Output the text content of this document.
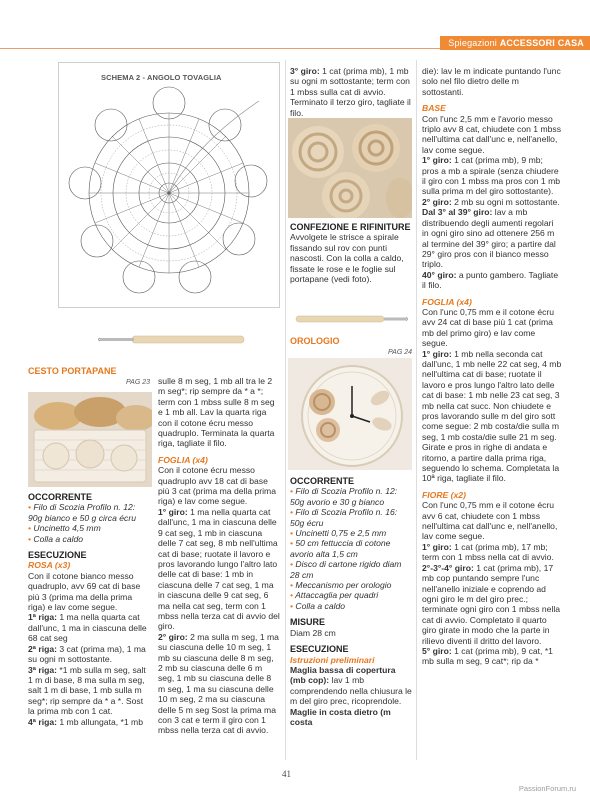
Spiegazioni ACCESSORI CASA
SCHEMA 2 - ANGOLO TOVAGLIA
CESTO PORTAPANE
PAG 23

OCCORRENTE

• Filo di Scozia Profilo n. 12: 90g bianco e 50 g circa écru

• Uncinetto 4,5 mm

• Colla a caldo

ESECUZIONE

ROSA (x3)

Con il cotone bianco messo quadruplo, avv 69 cat di base più 3 (prima ma della prima riga) e lav come segue.

1ª riga: 1 ma nella quarta cat dall'unc, 1 ma in ciascuna delle 68 cat seg

2ª riga: 3 cat (prima ma), 1 ma su ogni m sottostante.

3ª riga: *1 mb sulla m seg, salt 1 m di base, 8 ma sulla m seg, salt 1 m di base, 1 mb sulla m seg*; rip sempre da * a *. Sost la prima mb con 1 cat.

4ª riga: 1 mb allungata, *1 mb

sulle 8 m seg, 1 mb all tra le 2 m seg*; rip sempre da * a *; term con 1 mbss sulle 8 m seg e 1 mb all. Lav la quarta riga con il cotone écru messo quadruplo. Terminata la quarta riga, tagliate il filo.

FOGLIA (x4)

Con il cotone écru messo quadruplo avv 18 cat di base più 3 cat (prima ma della prima riga) e lav come segue.

1° giro: 1 ma nella quarta cat dall'unc, 1 ma in ciascuna delle 9 cat seg, 1 mb in ciascuna delle 7 cat seg, 8 mb nell'ultima cat di base; ruotate il lavoro e pros lavorando lungo l'altro lato delle cat di base: 1 mb in ciascuna delle 7 cat seg, 1 ma in ciascuna delle 9 cat seg, 6 ma nella cat seg, term con 1 mbss nella terza cat di avvio del giro.

2° giro: 2 ma sulla m seg, 1 ma su ciascuna delle 10 m seg, 1 mb su ciascuna delle 8 m seg, 2 mb su ciascuna delle 6 m seg, 1 mb su ciascuna delle 8 m seg, 1 ma su ciascuna delle 10 m seg, 2 ma su ciascuna delle 5 m seg Sost la prima ma con 3 cat e term il giro con 1 mbss nella terza cat di avvio.

3° giro: 1 cat (prima mb), 1 mb su ogni m sottostante; term con 1 mbss sulla cat di avvio. Terminato il terzo giro, tagliate il filo.

CONFEZIONE E RIFINITURE

Avvolgete le strisce a spirale fissando sul rov con punti nascosti. Con la colla a caldo, fissate le rose e le foglie sul portapane (vedi foto).

OROLOGIO
PAG 24

OCCORRENTE

• Filo di Scozia Profilo n. 12: 50g avorio e 30 g bianco

• Filo di Scozia Profilo n. 16: 50g écru

• Uncinetti 0,75 e 2,5 mm

• 50 cm fettuccia di cotone avorio alta 1,5 cm

• Disco di cartone rigido diam 28 cm

• Meccanismo per orologio

• Attaccaglia per quadri

• Colla a caldo

MISURE

Diam 28 cm

ESECUZIONE

Istruzioni preliminari

Maglia bassa di copertura (mb cop): lav 1 mb comprendendo nella chiusura le m del giro prec, ricoprendole.

Maglie in costa dietro (m costa

die): lav le m indicate puntando l'unc solo nel filo dietro delle m sottostanti.

BASE

Con l'unc 2,5 mm e l'avorio messo triplo avv 8 cat, chiudete con 1 mbss nell'ultima cat dall'unc e, nell'anello, lav come segue.

1° giro: 1 cat (prima mb), 9 mb; pros a mb a spirale (senza chiudere il giro con 1 mbss ma pros con 1 mb sulla prima m del giro sottostante).

2° giro: 2 mb su ogni m sottostante.

Dal 3° al 39° giro: lav a mb distribuendo degli aumenti regolari in ogni giro sino ad ottenere 256 m al termine del 39° giro; a partire dal 29° giro pros con il bianco messo triplo.

40° giro: a punto gambero. Tagliate il filo.

FOGLIA (x4)

Con l'unc 0,75 mm e il cotone écru avv 24 cat di base più 1 cat (prima mb del primo giro) e lav come segue.

1° giro: 1 mb nella seconda cat dall'unc, 1 mb nelle 22 cat seg, 4 mb nell'ultima cat di base; ruotate il lavoro e pros lungo l'altro lato delle cat di base: 1 mb nelle 23 cat seg, 3 mb nella cat succ. Non chiudete e pros lavorando sulle m del giro sott come segue: 2 mb costa/die sulla m seg, 1 mb costa/die sulle 21 m seg. Girate e pros in righe di andata e ritorno, a partire dalla prima riga, seguendo lo schema. Completata la 10ª riga, tagliate il filo.

FIORE (x2)

Con l'unc 0,75 mm e il cotone écru avv 6 cat, chiudete con 1 mbss nell'ultima cat dall'unc e, nell'anello, lav come segue.

1° giro: 1 cat (prima mb), 17 mb; term con 1 mbss nella cat di avvio.

2°-3°-4° giro: 1 cat (prima mb), 17 mb cop puntando sempre l'unc nell'anello iniziale e coprendo ad ogni giro le m del giro prec.; terminate ogni giro con 1 mbss nella cat di avvio. Completato il quarto giro girate in modo che la parte in rilievo diventi il dritto del lavoro.

5° giro: 1 cat (prima mb), 9 cat, *1 mb sulla m seg, 9 cat*; rip da *

41
PassionForum.ru
